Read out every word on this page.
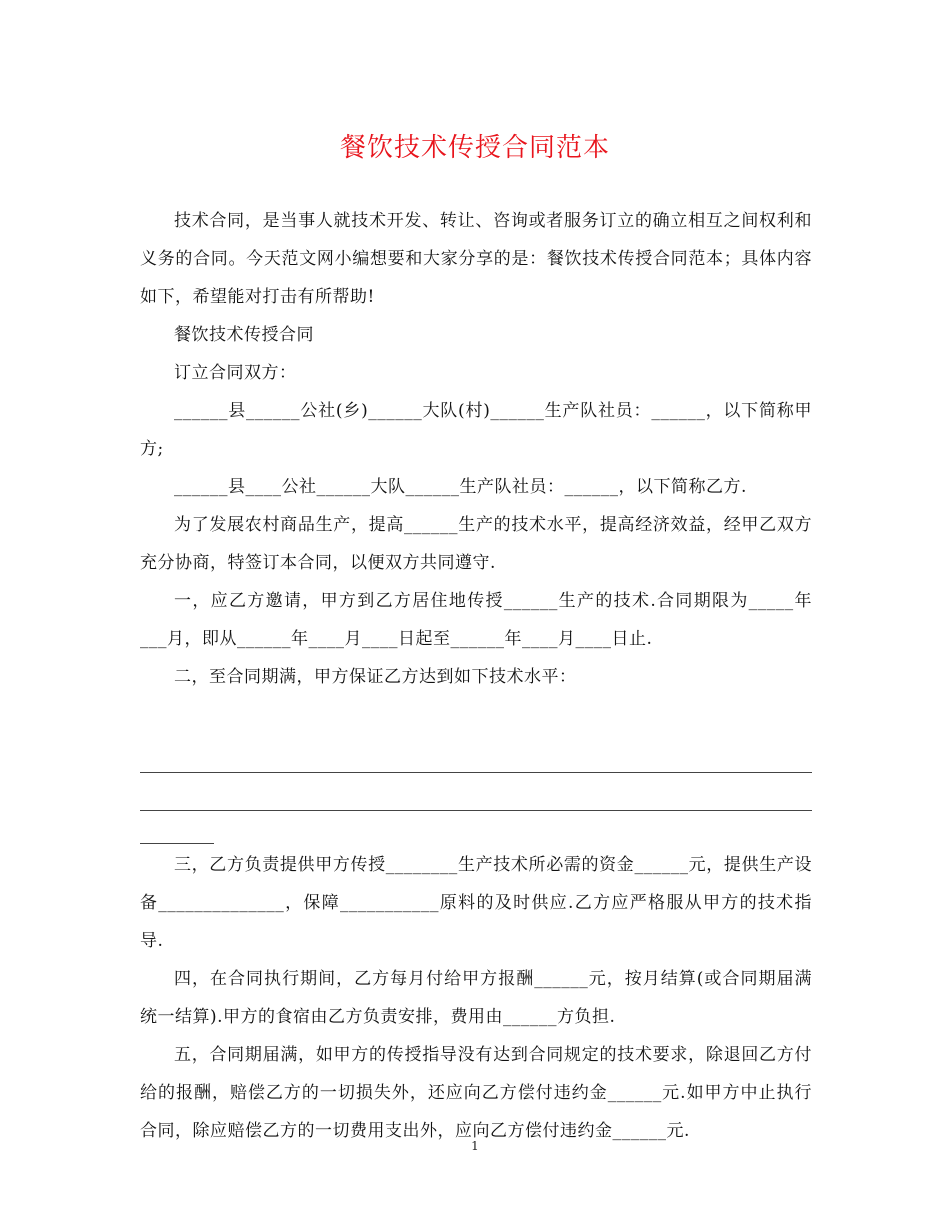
餐饮技术传授合同范本

技术合同，是当事人就技术开发、转让、咨询或者服务订立的确立相互之间权利和义务的合同。今天范文网小编想要和大家分享的是：餐饮技术传授合同范本；具体内容如下，希望能对打击有所帮助!

餐饮技术传授合同

订立合同双方：

______县______公社(乡)______大队(村)______生产队社员：______，以下简称甲方;

______县____公社______大队______生产队社员：______，以下简称乙方.

为了发展农村商品生产，提高______生产的技术水平，提高经济效益，经甲乙双方充分协商，特签订本合同，以便双方共同遵守.

一，应乙方邀请，甲方到乙方居住地传授______生产的技术.合同期限为_____年___月，即从______年____月____日起至______年____月____日止.

二，至合同期满，甲方保证乙方达到如下技术水平：

三，乙方负责提供甲方传授________生产技术所必需的资金______元，提供生产设备______________，保障___________原料的及时供应.乙方应严格服从甲方的技术指导.

四，在合同执行期间，乙方每月付给甲方报酬______元，按月结算(或合同期届满统一结算).甲方的食宿由乙方负责安排，费用由______方负担.

五，合同期届满，如甲方的传授指导没有达到合同规定的技术要求，除退回乙方付给的报酬，赔偿乙方的一切损失外，还应向乙方偿付违约金______元.如甲方中止执行合同，除应赔偿乙方的一切费用支出外，应向乙方偿付违约金______元.

1
